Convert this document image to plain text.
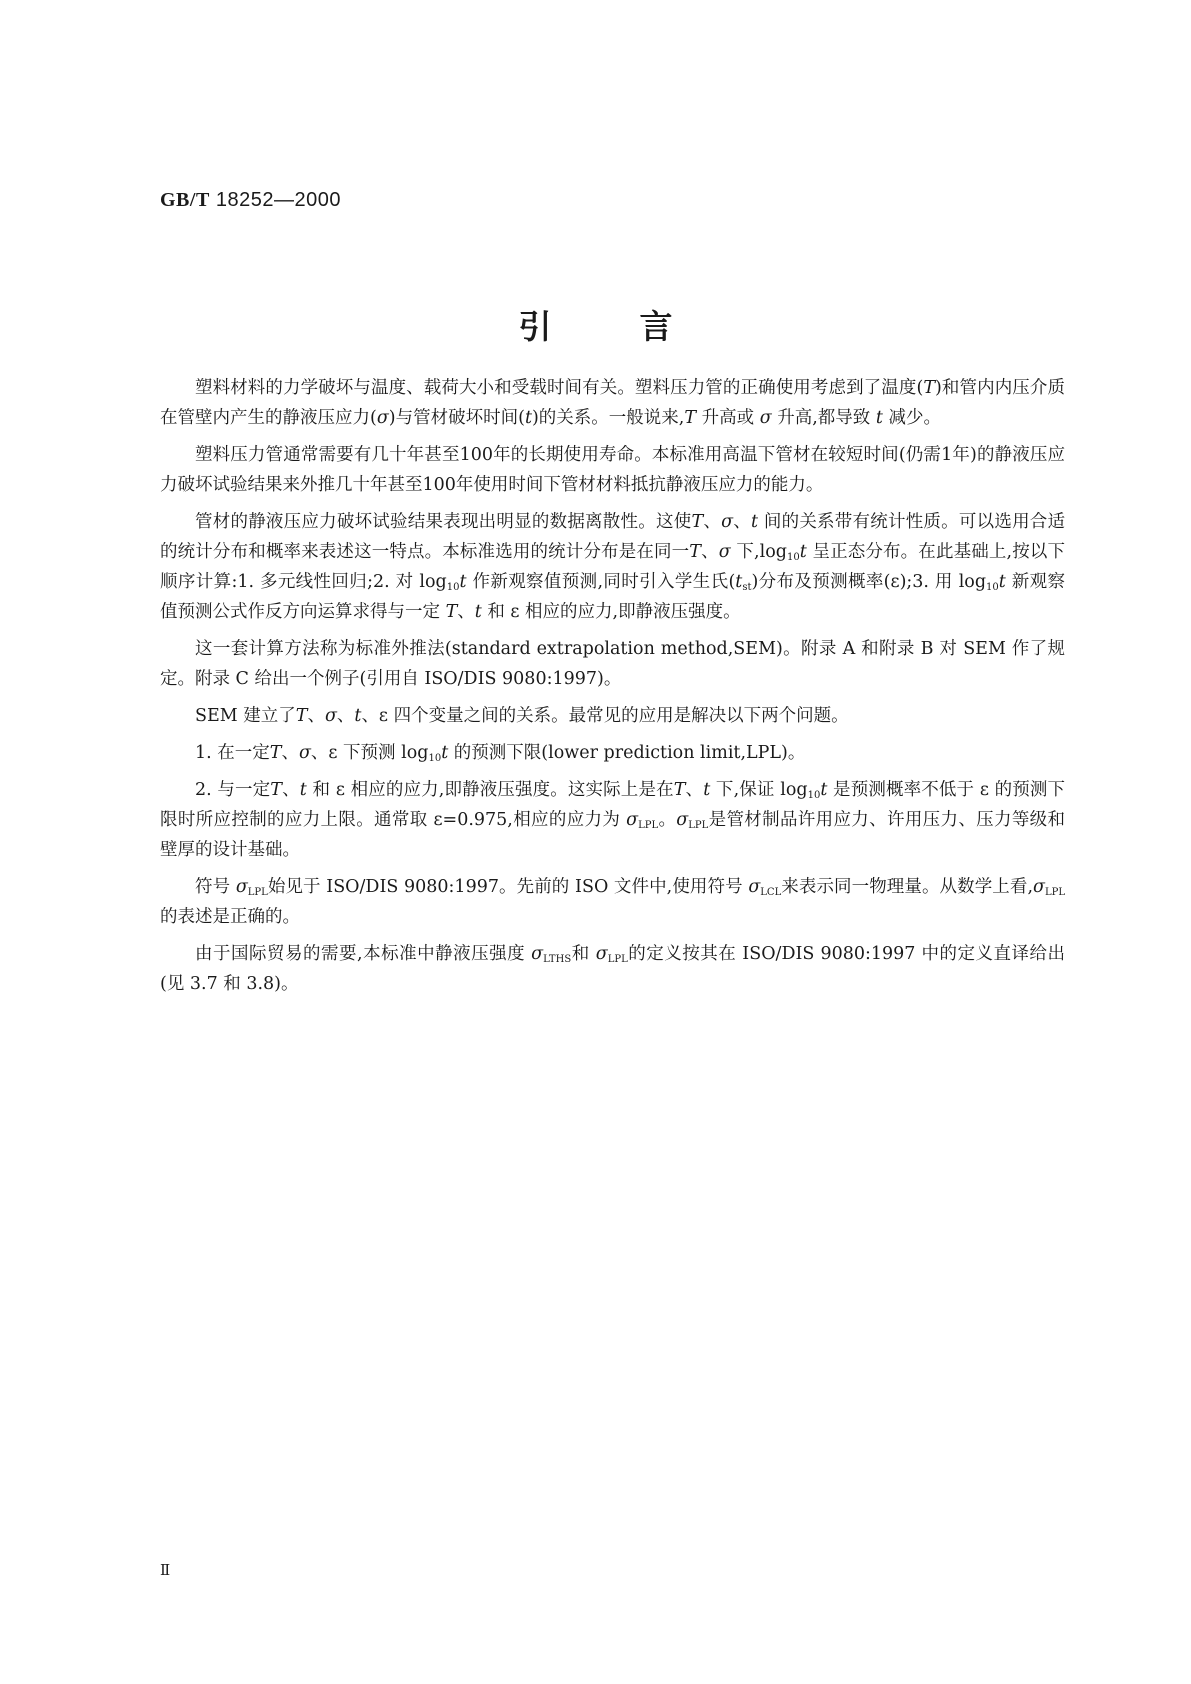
GB/T 18252—2000
引言

塑料材料的力学破坏与温度、载荷大小和受载时间有关。塑料压力管的正确使用考虑到了温度(T)和管内内压介质在管壁内产生的静液压应力(σ)与管材破坏时间(t)的关系。一般说来,T 升高或 σ 升高,都导致 t 减少。

塑料压力管通常需要有几十年甚至100年的长期使用寿命。本标准用高温下管材在较短时间(仍需1年)的静液压应力破坏试验结果来外推几十年甚至100年使用时间下管材材料抵抗静液压应力的能力。

管材的静液压应力破坏试验结果表现出明显的数据离散性。这使T、σ、t 间的关系带有统计性质。可以选用合适的统计分布和概率来表述这一特点。本标准选用的统计分布是在同一T、σ 下$,\log_{10}t$ 呈正态分布。在此基础上,按以下顺序计算:1. 多元线性回归;2. 对 $\log_{10}t$ 作新观察值预测,同时引入学生氏$(t_{st})$分布及预测概率(ε);3. 用 $\log_{10}t$ 新观察值预测公式作反方向运算求得与一定 T、t 和 ε 相应的应力,即静液压强度。

这一套计算方法称为标准外推法(standard extrapolation method,SEM)。附录 A 和附录 B 对 SEM 作了规定。附录 C 给出一个例子(引用自 ISO/DIS 9080:1997)。

SEM 建立了T、σ、t、ε 四个变量之间的关系。最常见的应用是解决以下两个问题。

1. 在一定T、σ、ε 下预测 $\log_{10}t$ 的预测下限(lower prediction limit,LPL)。

2. 与一定T、t 和 ε 相应的应力,即静液压强度。这实际上是在T、t 下,保证 $\log_{10}t$ 是预测概率不低于 ε 的预测下限时所应控制的应力上限。通常取 ε=0.975,相应的应力为 $\sigma_{LPL}$。$\sigma_{LPL}$是管材制品许用应力、许用压力、压力等级和壁厚的设计基础。

符号 $\sigma_{LPL}$始见于 ISO/DIS 9080:1997。先前的 ISO 文件中,使用符号 $\sigma_{LCL}$来表示同一物理量。从数学上看$,\sigma_{LPL}$的表述是正确的。

由于国际贸易的需要,本标准中静液压强度 $\sigma_{LTHS}$和 $\sigma_{LPL}$的定义按其在 ISO/DIS 9080:1997 中的定义直译给出(见 3.7 和 3.8)。

Ⅱ
